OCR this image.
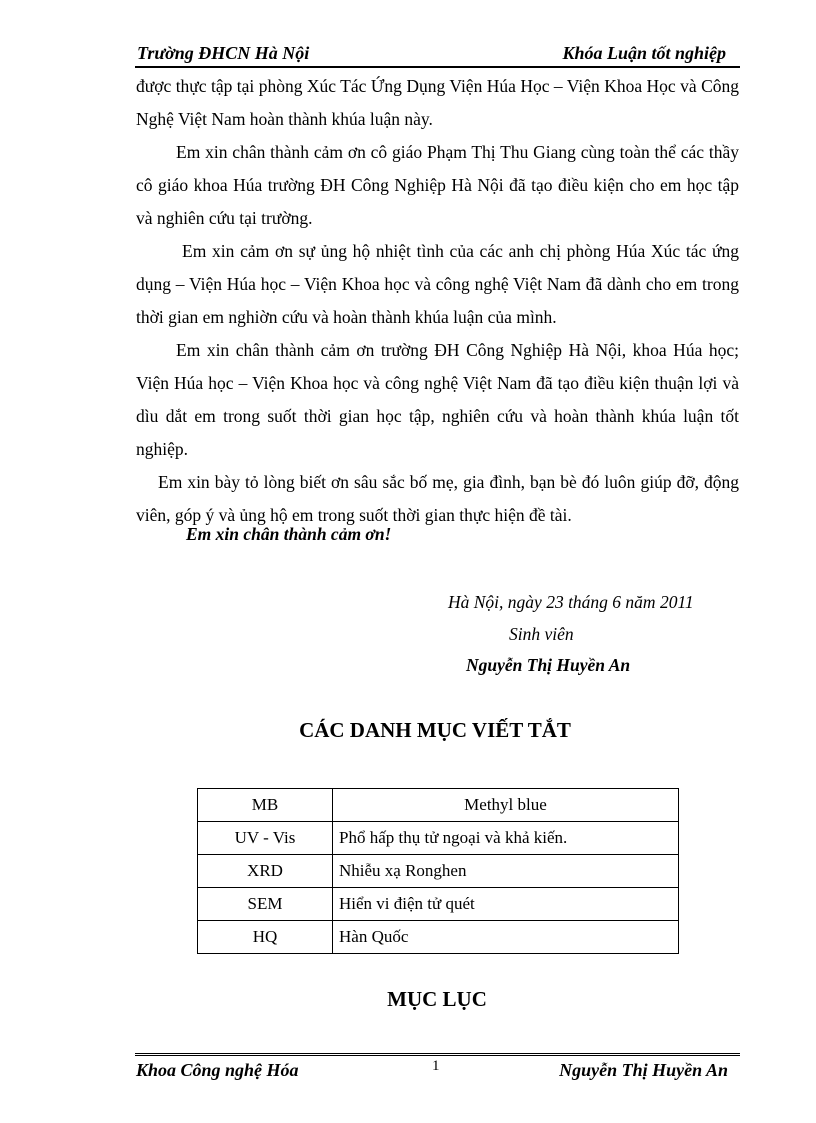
Trường ĐHCN Hà Nội	Khóa Luận tốt nghiệp

được thực tập tại phòng Xúc Tác Ứng Dụng Viện Húa Học – Viện Khoa Học và Công Nghệ Việt Nam hoàn thành khúa luận này.

Em xin chân thành cảm ơn cô giáo Phạm Thị Thu Giang cùng toàn thể các thầy cô giáo khoa Húa trường ĐH Công Nghiệp Hà Nội đã tạo điều kiện cho em học tập và nghiên cứu tại trường.

Em xin cảm ơn sự ủng hộ nhiệt tình của các anh chị phòng Húa Xúc tác ứng dụng – Viện Húa học – Viện Khoa học và công nghệ Việt Nam đã dành cho em trong thời gian em nghiờn cứu và hoàn thành khúa luận của mình.

Em xin chân thành cảm ơn trường ĐH Công Nghiệp Hà Nội, khoa Húa học; Viện Húa học – Viện Khoa học và công nghệ Việt Nam đã tạo điều kiện thuận lợi và dìu dắt em trong suốt thời gian học tập, nghiên cứu và hoàn thành khúa luận tốt nghiệp.

Em xin bày tỏ lòng biết ơn sâu sắc bố mẹ, gia đình, bạn bè đó luôn giúp đỡ, động viên, góp ý và ủng hộ em trong suốt thời gian thực hiện đề tài.

Em xin chân thành cảm ơn!

Hà Nội, ngày 23 tháng 6 năm 2011
Sinh viên
Nguyễn Thị Huyền An
CÁC DANH MỤC VIẾT TẮT
MB	Methyl blue
UV - Vis	Phổ hấp thụ tử ngoại và khả kiến.
XRD	Nhiễu xạ Ronghen
SEM	Hiển vi điện tử quét
HQ	Hàn Quốc
MỤC LỤC
Khoa Công nghệ Hóa	1	Nguyễn Thị Huyền An
